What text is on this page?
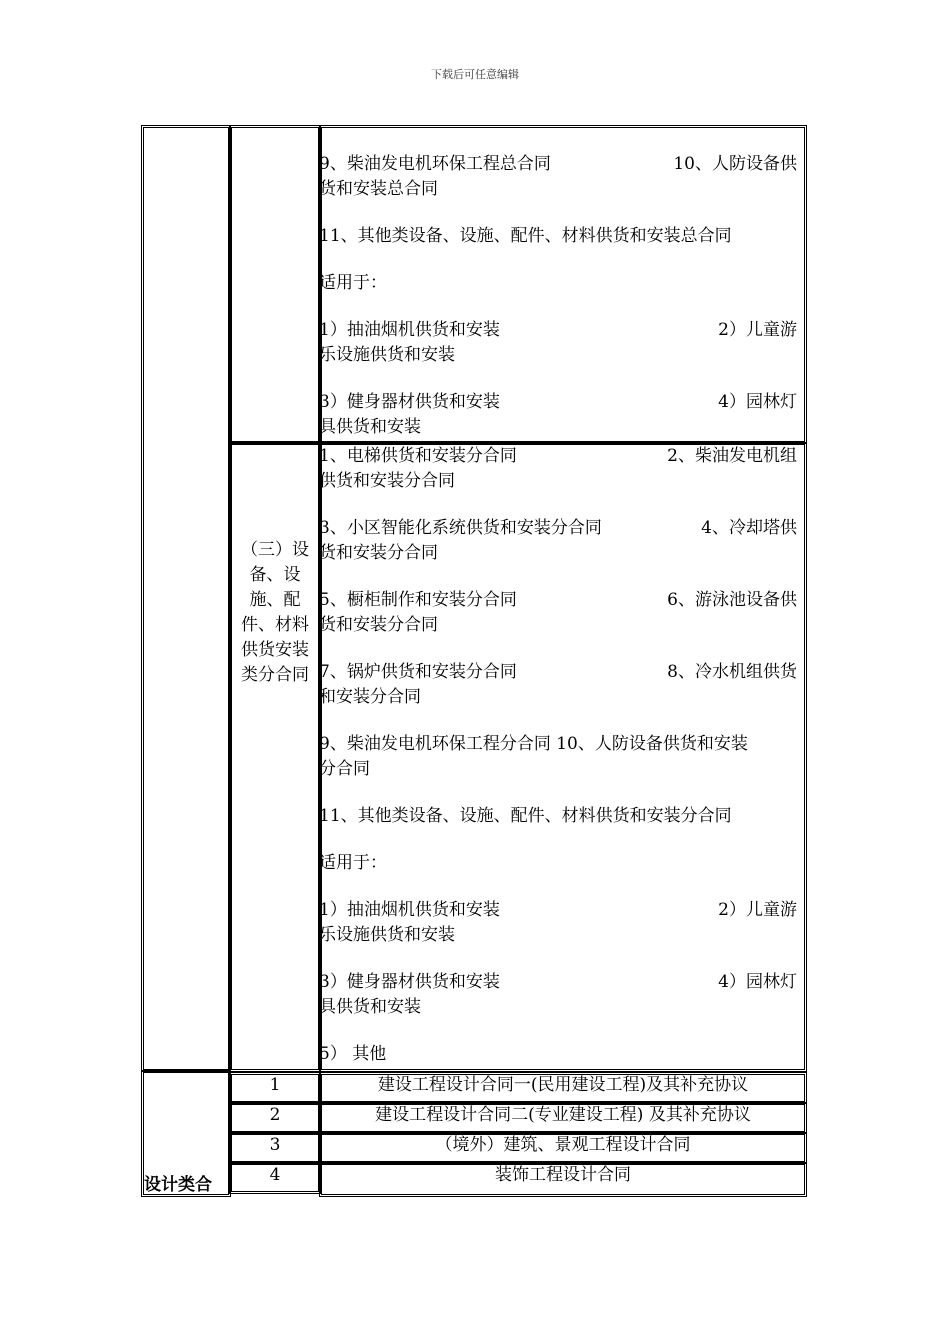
下载后可任意编辑
9、柴油发电机环保工程总合同	10、人防设备供
货和安装总合同
11、其他类设备、设施、配件、材料供货和安装总合同
适用于：
1）抽油烟机供货和安装	2）儿童游
乐设施供货和安装
3）健身器材供货和安装	4）园林灯
具供货和安装
（三）设
备、设
施、配
件、材料
供货安装
类分合同
1、电梯供货和安装分合同	2、柴油发电机组
供货和安装分合同
3、小区智能化系统供货和安装分合同	4、冷却塔供
货和安装分合同
5、橱柜制作和安装分合同	6、游泳池设备供
货和安装分合同
7、锅炉供货和安装分合同	8、冷水机组供货
和安装分合同
9、柴油发电机环保工程分合同 10、人防设备供货和安装
分合同
11、其他类设备、设施、配件、材料供货和安装分合同
适用于：
1）抽油烟机供货和安装	2）儿童游
乐设施供货和安装
3）健身器材供货和安装	4）园林灯
具供货和安装
5） 其他
设计类合
1	建设工程设计合同一(民用建设工程)及其补充协议
2	建设工程设计合同二(专业建设工程) 及其补充协议
3	（境外）建筑、景观工程设计合同
4	装饰工程设计合同
